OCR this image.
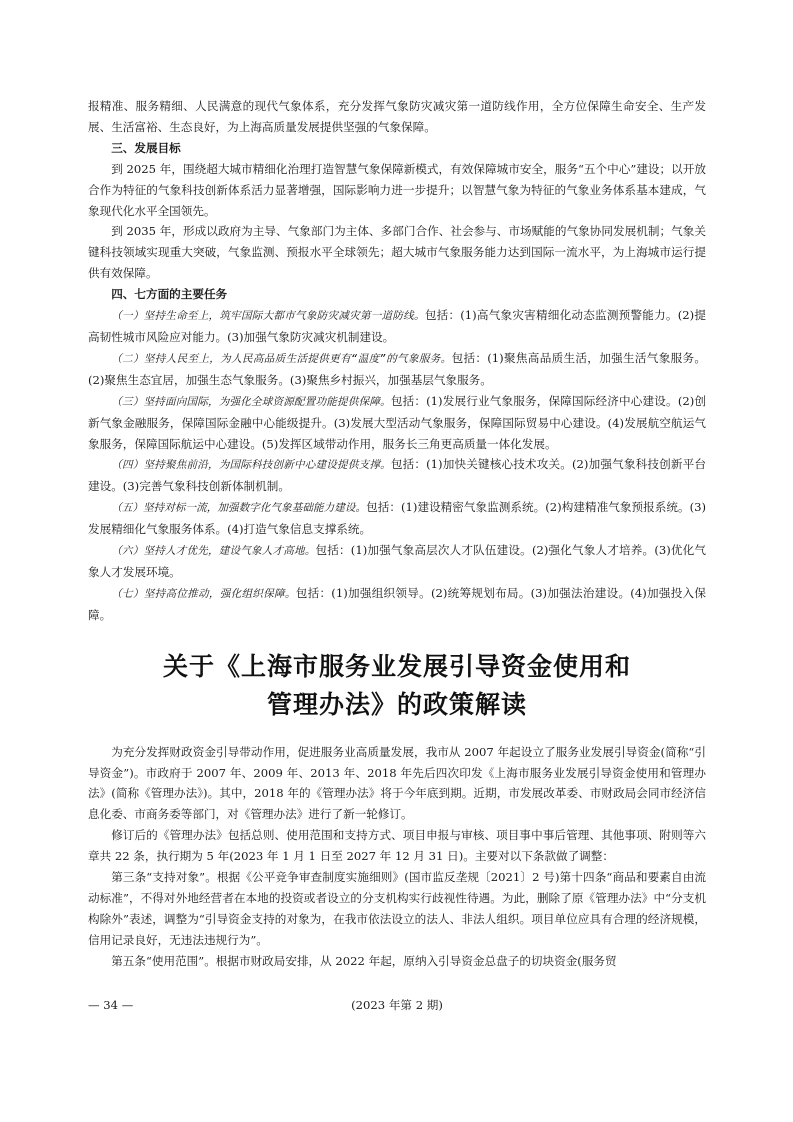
报精准、服务精细、人民满意的现代气象体系，充分发挥气象防灾减灾第一道防线作用，全方位保障生命安全、生产发展、生活富裕、生态良好，为上海高质量发展提供坚强的气象保障。

三、发展目标

到 2025 年，围绕超大城市精细化治理打造智慧气象保障新模式，有效保障城市安全，服务“五个中心”建设；以开放合作为特征的气象科技创新体系活力显著增强，国际影响力进一步提升；以智慧气象为特征的气象业务体系基本建成，气象现代化水平全国领先。

到 2035 年，形成以政府为主导、气象部门为主体、多部门合作、社会参与、市场赋能的气象协同发展机制；气象关键科技领域实现重大突破，气象监测、预报水平全球领先；超大城市气象服务能力达到国际一流水平，为上海城市运行提供有效保障。

四、七方面的主要任务

（一）坚持生命至上，筑牢国际大都市气象防灾减灾第一道防线。包括：(1)高气象灾害精细化动态监测预警能力。(2)提高韧性城市风险应对能力。(3)加强气象防灾减灾机制建设。

（二）坚持人民至上，为人民高品质生活提供更有“温度”的气象服务。包括：(1)聚焦高品质生活，加强生活气象服务。(2)聚焦生态宜居，加强生态气象服务。(3)聚焦乡村振兴，加强基层气象服务。

（三）坚持面向国际，为强化全球资源配置功能提供保障。包括：(1)发展行业气象服务，保障国际经济中心建设。(2)创新气象金融服务，保障国际金融中心能级提升。(3)发展大型活动气象服务，保障国际贸易中心建设。(4)发展航空航运气象服务，保障国际航运中心建设。(5)发挥区域带动作用，服务长三角更高质量一体化发展。

（四）坚持聚焦前沿，为国际科技创新中心建设提供支撑。包括：(1)加快关键核心技术攻关。(2)加强气象科技创新平台建设。(3)完善气象科技创新体制机制。

（五）坚持对标一流，加强数字化气象基础能力建设。包括：(1)建设精密气象监测系统。(2)构建精准气象预报系统。(3)发展精细化气象服务体系。(4)打造气象信息支撑系统。

（六）坚持人才优先，建设气象人才高地。包括：(1)加强气象高层次人才队伍建设。(2)强化气象人才培养。(3)优化气象人才发展环境。

（七）坚持高位推动，强化组织保障。包括：(1)加强组织领导。(2)统筹规划布局。(3)加强法治建设。(4)加强投入保障。

关于《上海市服务业发展引导资金使用和
管理办法》的政策解读

为充分发挥财政资金引导带动作用，促进服务业高质量发展，我市从 2007 年起设立了服务业发展引导资金(简称“引导资金”)。市政府于 2007 年、2009 年、2013 年、2018 年先后四次印发《上海市服务业发展引导资金使用和管理办法》(简称《管理办法》)。其中，2018 年的《管理办法》将于今年底到期。近期，市发展改革委、市财政局会同市经济信息化委、市商务委等部门，对《管理办法》进行了新一轮修订。

修订后的《管理办法》包括总则、使用范围和支持方式、项目申报与审核、项目事中事后管理、其他事项、附则等六章共 22 条，执行期为 5 年(2023 年 1 月 1 日至 2027 年 12 月 31 日)。主要对以下条款做了调整：

第三条“支持对象”。根据《公平竞争审查制度实施细则》(国市监反垄规〔2021〕2 号)第十四条“商品和要素自由流动标准”，不得对外地经营者在本地的投资或者设立的分支机构实行歧视性待遇。为此，删除了原《管理办法》中“分支机构除外”表述，调整为“引导资金支持的对象为，在我市依法设立的法人、非法人组织。项目单位应具有合理的经济规模，信用记录良好，无违法违规行为”。

第五条“使用范围”。根据市财政局安排，从 2022 年起，原纳入引导资金总盘子的切块资金(服务贸

— 34 —	(2023 年第 2 期)
